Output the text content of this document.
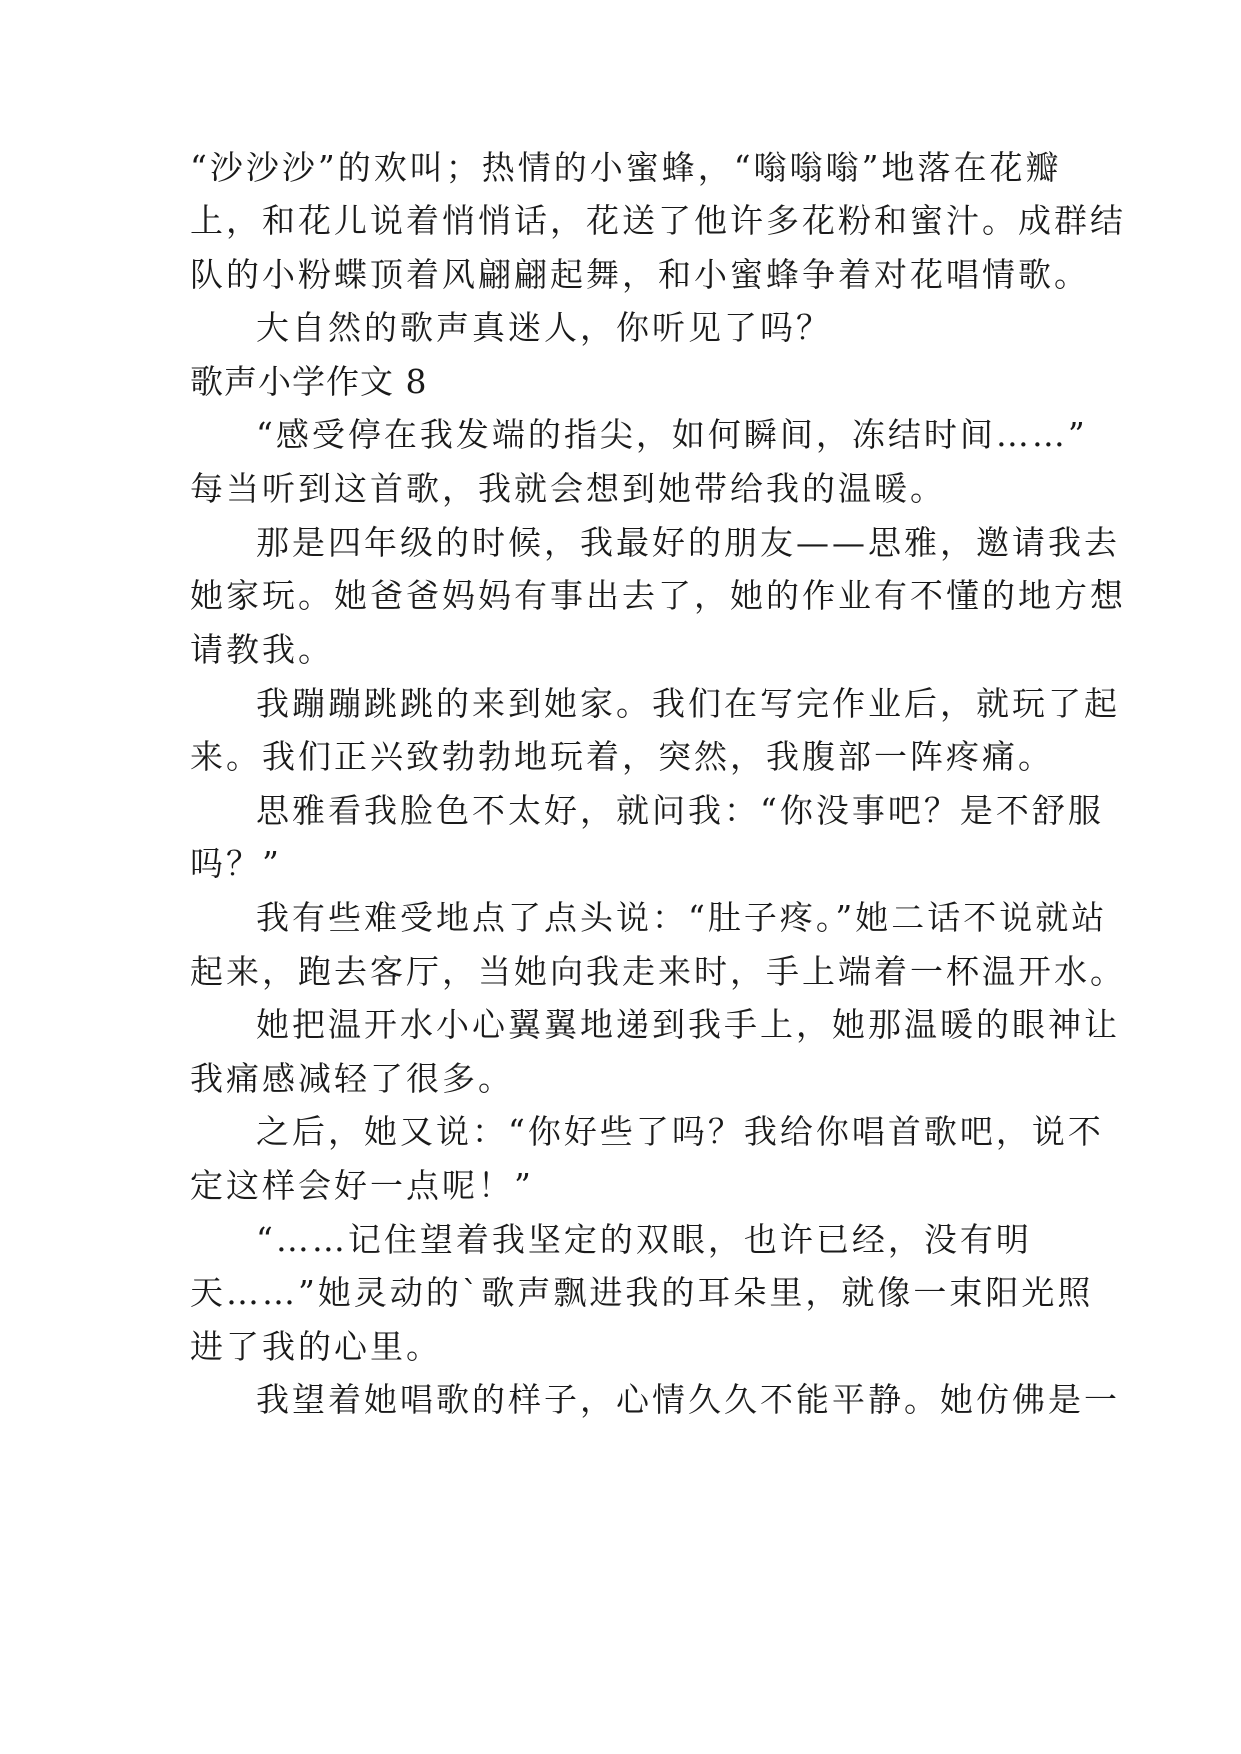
“沙沙沙”的欢叫；热情的小蜜蜂，“嗡嗡嗡”地落在花瓣
上，和花儿说着悄悄话，花送了他许多花粉和蜜汁。成群结
队的小粉蝶顶着风翩翩起舞，和小蜜蜂争着对花唱情歌。
大自然的歌声真迷人，你听见了吗？
歌声小学作文 8
“感受停在我发端的指尖，如何瞬间，冻结时间……”
每当听到这首歌，我就会想到她带给我的温暖。
那是四年级的时候，我最好的朋友——思雅，邀请我去
她家玩。她爸爸妈妈有事出去了，她的作业有不懂的地方想
请教我。
我蹦蹦跳跳的来到她家。我们在写完作业后，就玩了起
来。我们正兴致勃勃地玩着，突然，我腹部一阵疼痛。
思雅看我脸色不太好，就问我：“你没事吧？是不舒服
吗？”
我有些难受地点了点头说：“肚子疼。”她二话不说就站
起来，跑去客厅，当她向我走来时，手上端着一杯温开水。
她把温开水小心翼翼地递到我手上，她那温暖的眼神让
我痛感减轻了很多。
之后，她又说：“你好些了吗？我给你唱首歌吧，说不
定这样会好一点呢！”
“……记住望着我坚定的双眼，也许已经，没有明
天……”她灵动的`歌声飘进我的耳朵里，就像一束阳光照
进了我的心里。
我望着她唱歌的样子，心情久久不能平静。她仿佛是一
